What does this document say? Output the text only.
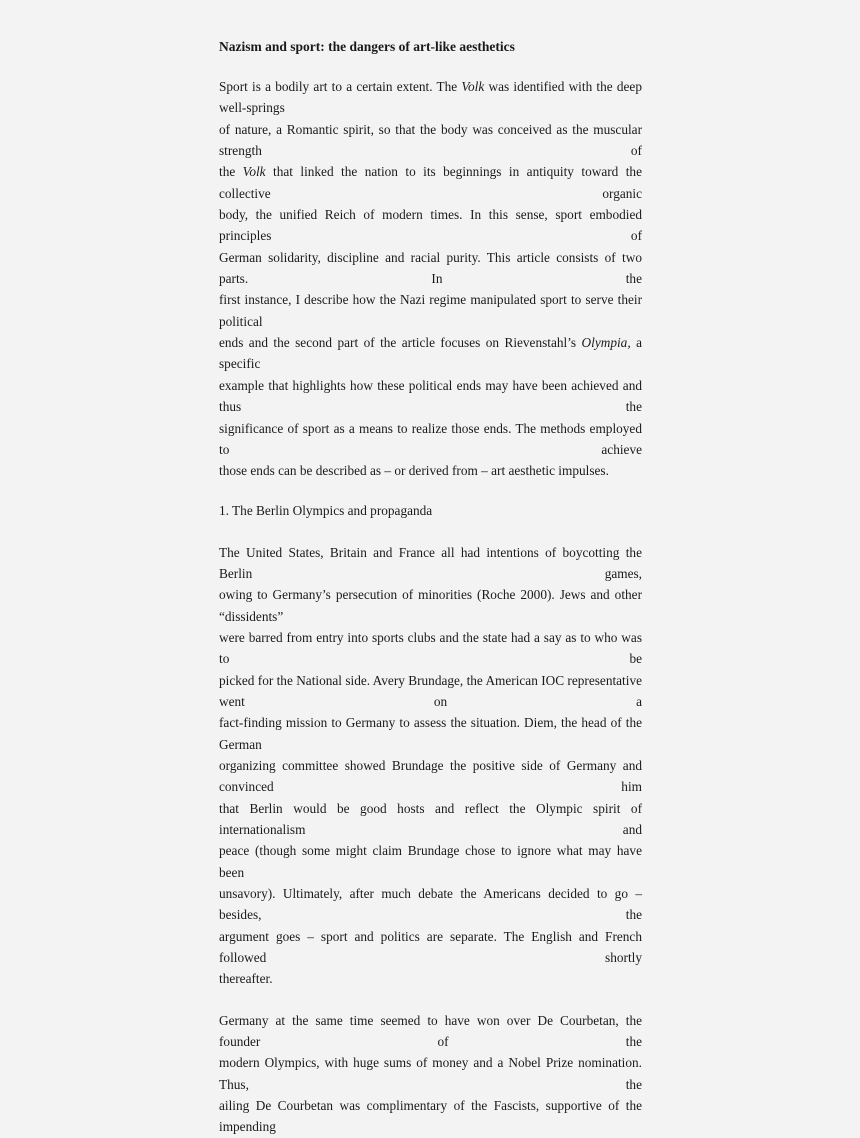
Nazism and sport: the dangers of art-like aesthetics
Sport is a bodily art to a certain extent. The Volk was identified with the deep well-springs
of nature, a Romantic spirit, so that the body was conceived as the muscular strength of
the Volk that linked the nation to its beginnings in antiquity toward the collective organic
body, the unified Reich of modern times. In this sense, sport embodied principles of
German solidarity, discipline and racial purity. This article consists of two parts. In the
first instance, I describe how the Nazi regime manipulated sport to serve their political
ends and the second part of the article focuses on Rievenstahl’s Olympia, a specific
example that highlights how these political ends may have been achieved and thus the
significance of sport as a means to realize those ends. The methods employed to achieve
those ends can be described as – or derived from – art aesthetic impulses.
1. The Berlin Olympics and propaganda
The United States, Britain and France all had intentions of boycotting the Berlin games,
owing to Germany’s persecution of minorities (Roche 2000). Jews and other “dissidents”
were barred from entry into sports clubs and the state had a say as to who was to be
picked for the National side. Avery Brundage, the American IOC representative went on a
fact-finding mission to Germany to assess the situation. Diem, the head of the German
organizing committee showed Brundage the positive side of Germany and convinced him
that Berlin would be good hosts and reflect the Olympic spirit of internationalism and
peace (though some might claim Brundage chose to ignore what may have been
unsavory). Ultimately, after much debate the Americans decided to go – besides, the
argument goes – sport and politics are separate. The English and French followed shortly
thereafter.
Germany at the same time seemed to have won over De Courbetan, the founder of the
modern Olympics, with huge sums of money and a Nobel Prize nomination. Thus, the
ailing De Courbetan was complimentary of the Fascists, supportive of the impending
